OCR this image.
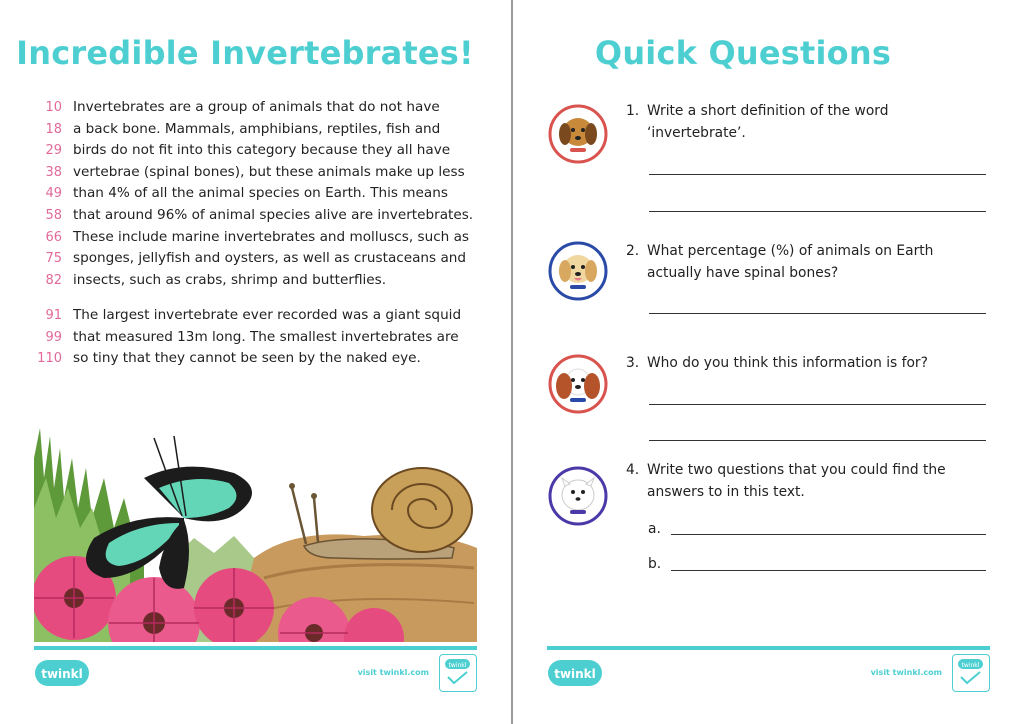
Incredible Invertebrates!
10 Invertebrates are a group of animals that do not have
18 a back bone. Mammals, amphibians, reptiles, fish and
29 birds do not fit into this category because they all have
38 vertebrae (spinal bones), but these animals make up less
49 than 4% of all the animal species on Earth. This means
58 that around 96% of animal species alive are invertebrates.
66 These include marine invertebrates and molluscs, such as
75 sponges, jellyfish and oysters, as well as crustaceans and
82 insects, such as crabs, shrimp and butterflies.
91 The largest invertebrate ever recorded was a giant squid
99 that measured 13m long. The smallest invertebrates are
110 so tiny that they cannot be seen by the naked eye.
twinkl	visit twinkl.com
twinkl
Quick Questions
1. Write a short definition of the word ‘invertebrate’.
2. What percentage (%) of animals on Earth actually have spinal bones?
3. Who do you think this information is for?
4. Write two questions that you could find the answers to in this text.
a.
b.
twinkl	visit twinkl.com
twinkl
